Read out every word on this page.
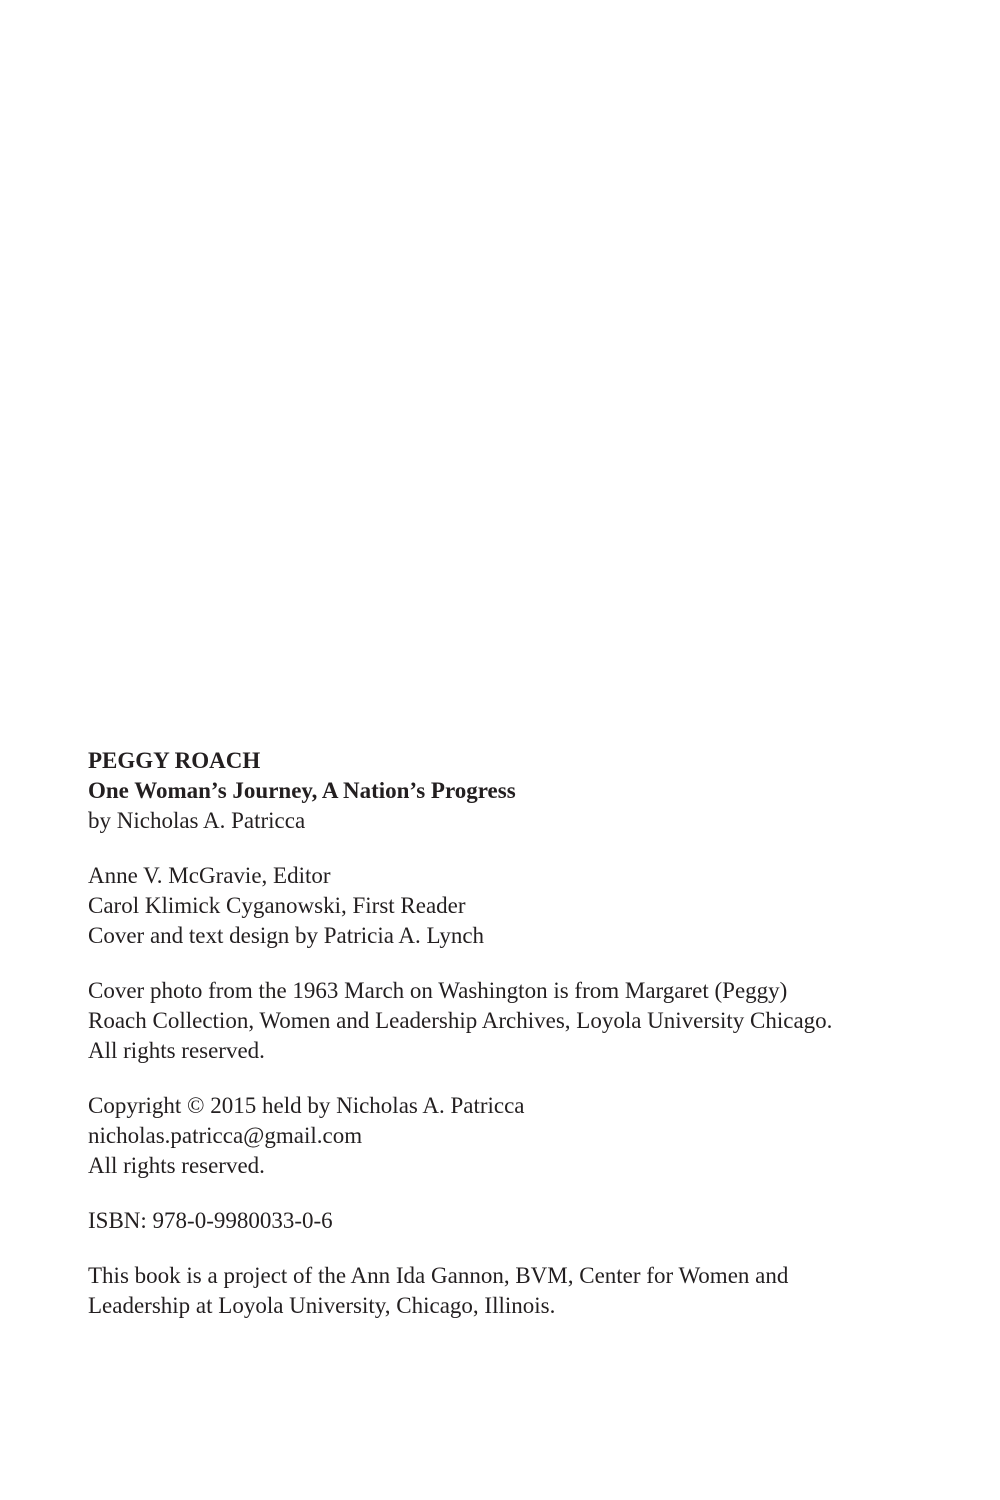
PEGGY ROACH
One Woman’s Journey, A Nation’s Progress
by Nicholas A. Patricca
Anne V. McGravie, Editor
Carol Klimick Cyganowski, First Reader
Cover and text design by Patricia A. Lynch
Cover photo from the 1963 March on Washington is from Margaret (Peggy)
Roach Collection, Women and Leadership Archives, Loyola University Chicago.
All rights reserved.
Copyright © 2015 held by Nicholas A. Patricca
nicholas.patricca@gmail.com
All rights reserved.
ISBN: 978-0-9980033-0-6
This book is a project of the Ann Ida Gannon, BVM, Center for Women and
Leadership at Loyola University, Chicago, Illinois.
